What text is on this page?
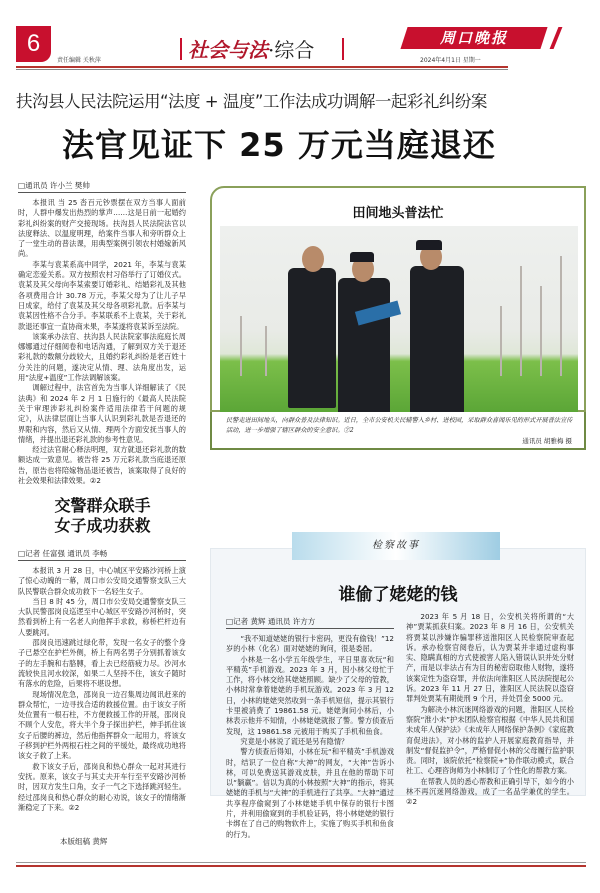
6
责任编辑 关秋萍	社会与法·综合	周口晚报
2024年4月1日 星期一
扶沟县人民法院运用“法度 + 温度”工作法成功调解一起彩礼纠纷案
法官见证下 25 万元当庭退还
□通讯员 许小兰 樊帅

本报讯 当 25 沓百元钞票摆在双方当事人面前时，人群中爆发出热烈的掌声……这是日前一起婚约彩礼纠纷案的财产交接现场。扶沟县人民法院法官以法度释法、以温度明理，给案件当事人和旁听群众上了一堂生动的普法课，用典型案例引领农村婚嫁新风尚。

李某与袁某系高中同学，2021 年，李某与袁某确定恋爱关系。双方按照农村习俗举行了订婚仪式。袁某及其父母向李某索要订婚彩礼、结婚彩礼及其他各项费用合计 30.78 万元，李某父母为了让儿子早日成家，给付了袁某及其父母各项彩礼款。后李某与袁某因性格不合分手。李某联系不上袁某，关于彩礼款退还事宜一直协商未果，李某遂将袁某诉至法院。

该案承办法官、扶沟县人民法院家事法庭庭长周娜娜通过仔细阅卷和电话沟通，了解到双方关于退还彩礼款的数额分歧较大，且婚约彩礼纠纷是老百姓十分关注的问题，遂决定从情、理、法角度出发，运用“法度+温度”工作法调解该案。

调解过程中，法官首先为当事人详细解读了《民法典》和 2024 年 2 月 1 日施行的《最高人民法院关于审理涉彩礼纠纷案件适用法律若干问题的规定》，从法律层面让当事人认识到彩礼款是否退还的界限和内容，然后又从情、理两个方面安抚当事人的情绪，并提出退还彩礼款的参考性意见。

经过法官耐心释法明理，双方就退还彩礼款的数额达成一致意见。被告将 25 万元彩礼款当庭退还原告，原告也将陪嫁物品退还被告，该案取得了良好的社会效果和法律效果。②2

田间地头普法忙
民警走进田间地头，向群众普及法律知识。近日，全市公安机关民辅警入乡村、进校园，采取群众喜闻乐见的形式开展普法宣传活动，进一步增强了辖区群众的安全意识。②2
通讯员 胡雅梅 摄
交警群众联手
女子成功获救
□记者 任富强 通讯员 李畅

本报讯 3 月 28 日，中心城区平安路沙河桥上演了惊心动魄的一幕，周口市公安局交通警察支队三大队民警联合群众成功救下一名轻生女子。

当日 8 时 45 分，周口市公安局交通警察支队三大队民警邵岗良巡逻至中心城区平安路沙河桥时，突然看到桥上有一名老人向他挥手求救，称桥栏杆边有人要跳河。

邵岗良迅速跳过绿化带，发现一名女子的整个身子已悬空在护栏外侧，桥上有两名男子分别抓着该女子的左手腕和右胳膊，看上去已经筋疲力尽。沙河水流较快且河水较深，如果二人坚持不住，该女子随时有落水的危险，后果将不堪设想。

现场情况危急，邵岗良一边召集周边闻讯赶来的群众帮忙，一边寻找合适的救援位置。由于该女子所处位置有一根石柱，不方便救援工作的开展，邵岗良不顾个人安危，将大半个身子探出护栏，伸手抓住该女子后腰的裤边，然后他指挥群众一起用力，将该女子移到护栏外两根石柱之间的平缓处，最终成功地将该女子救了上来。

救下该女子后，邵岗良和热心群众一起对其进行安抚。原来，该女子与其丈夫开车行至平安路沙河桥时，因双方发生口角，女子一气之下选择跳河轻生。经过邵岗良和热心群众的耐心劝说，该女子的情绪渐渐稳定了下来。②2

检察故事
谁偷了姥姥的钱
□记者 黄辉 通讯员 许方方

“我不知道姥姥的银行卡密码，更没有偷钱！”12 岁的小林（化名）面对姥姥的询问，很是委屈。

小林是一名小学五年级学生，平日里喜欢玩“和平精英”手机游戏。2023 年 3 月，因小林父母忙于工作，将小林交给其姥姥照顾。缺少了父母的管教，小林时常拿着姥姥的手机玩游戏。2023 年 3 月 12 日，小林的姥姥突然收到一条手机短信，提示其银行卡里被消费了 19861.58 元。姥姥询问小林后，小林表示他并不知情，小林姥姥就报了警。警方侦查后发现，这 19861.58 元被用于购买了手机和鱼食。

究竟是小林说了谎还是另有隐情？

警方侦查后得知，小林在玩“和平精英”手机游戏时，结识了一位自称“大神”的网友，“大神”告诉小林，可以免费送其游戏皮肤，并且在他的帮助下可以“躺赢”。信以为真的小林按照“大神”的指示，将其姥姥的手机与“大神”的手机进行了共享。“大神”通过共享程序偷窥到了小林姥姥手机中保存的银行卡图片，并利用偷窥到的手机验证码，将小林姥姥的银行卡绑在了自己的购物软件上，实施了购买手机和鱼食的行为。

2023 年 5 月 18 日，公安机关将所谓的“大神”贾某抓获归案。2023 年 8 月 16 日，公安机关将贾某以涉嫌诈骗罪移送淮阳区人民检察院审查起诉。承办检察官阅卷后，认为贾某并非通过虚构事实、隐瞒真相的方式使被害人陷入错误认识并处分财产，而是以非法占有为目的秘密窃取他人财物，遂将该案定性为盗窃罪，并依法向淮阳区人民法院提起公诉。2023 年 11 月 27 日，淮阳区人民法院以盗窃罪判处贾某有期徒刑 9 个月，并处罚金 5000 元。

为解决小林沉迷网络游戏的问题，淮阳区人民检察院“淮小未”护未团队检察官根据《中华人民共和国未成年人保护法》《未成年人网络保护条例》《家庭教育促进法》，对小林的监护人开展家庭教育指导，并制发“督促监护令”，严格督促小林的父母履行监护职责。同时，该院依托“检察院+”协作联动模式，联合社工、心理咨询师为小林制订了个性化的帮教方案。

在帮教人员的悉心帮教和正确引导下，如今的小林不再沉迷网络游戏，成了一名品学兼优的学生。②2

本版组稿 黄辉
